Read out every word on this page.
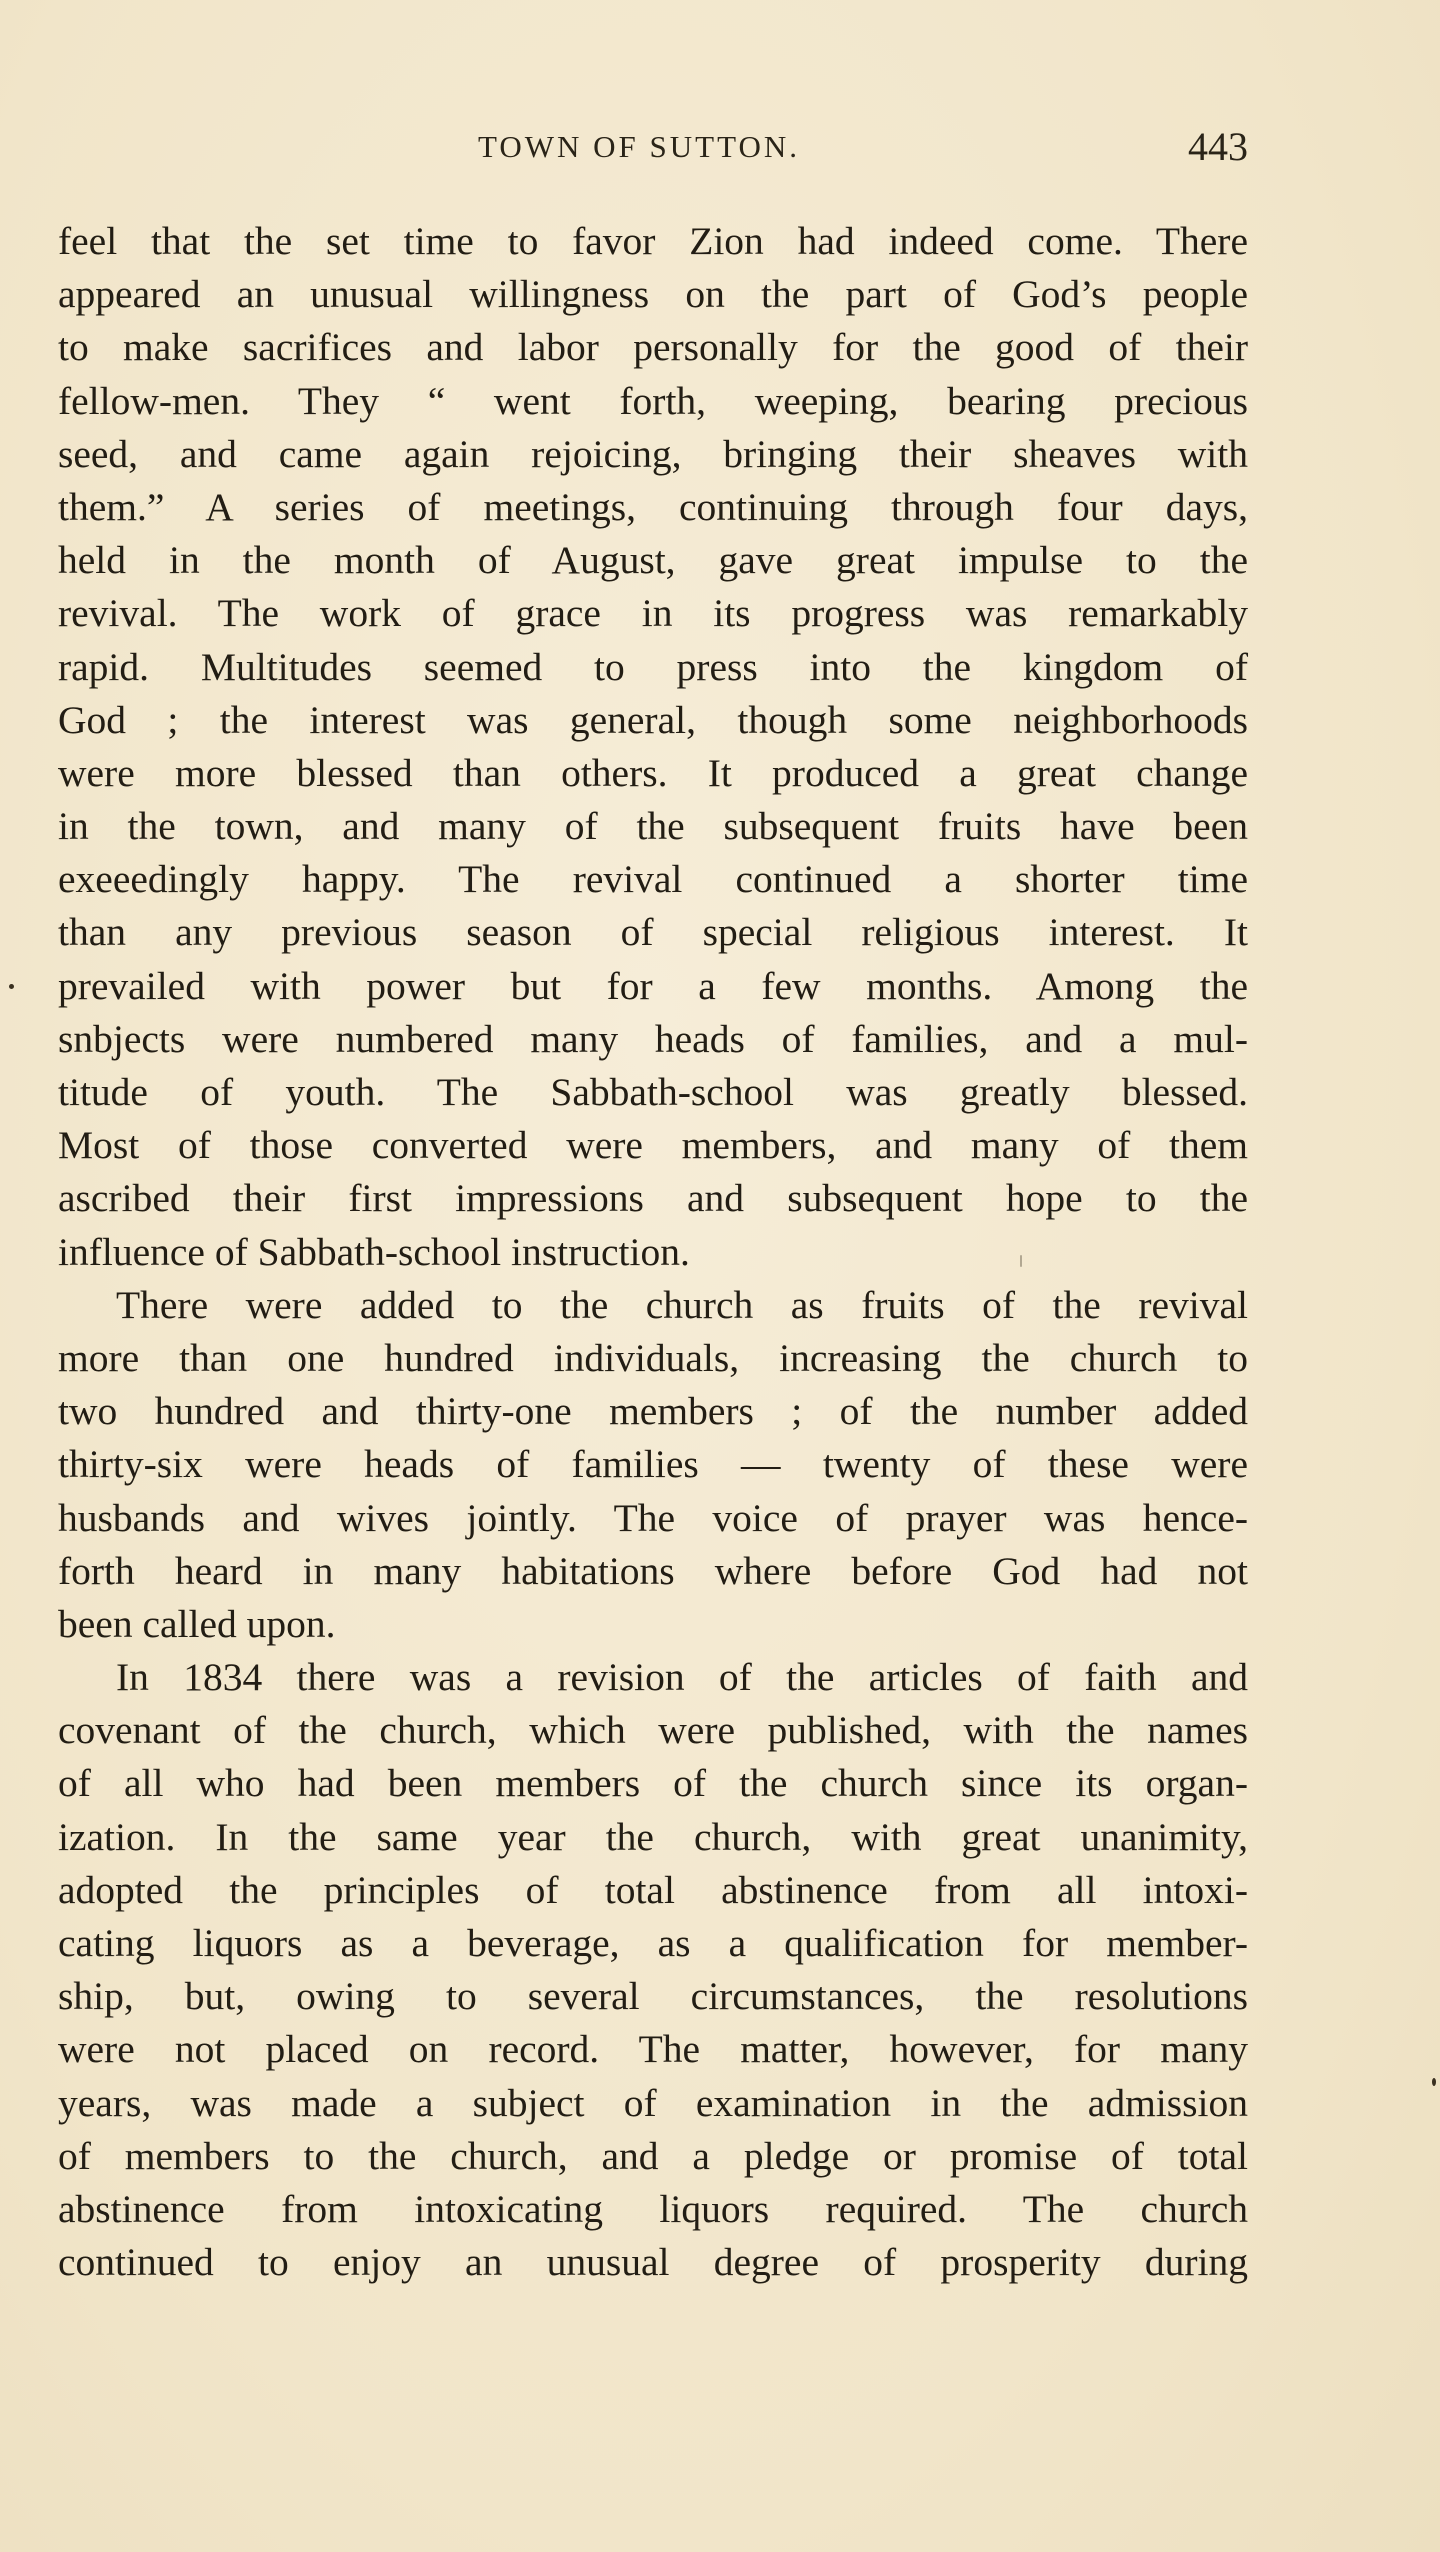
TOWN OF SUTTON.	443
feel that the set time to favor Zion had indeed come. There
appeared an unusual willingness on the part of God’s people
to make sacrifices and labor personally for the good of their
fellow-men. They “ went forth, weeping, bearing precious
seed, and came again rejoicing, bringing their sheaves with
them.” A series of meetings, continuing through four days,
held in the month of August, gave great impulse to the
revival. The work of grace in its progress was remarkably
rapid. Multitudes seemed to press into the kingdom of
God ; the interest was general, though some neighborhoods
were more blessed than others. It produced a great change
in the town, and many of the subsequent fruits have been
exeeedingly happy. The revival continued a shorter time
than any previous season of special religious interest. It
prevailed with power but for a few months. Among the
snbjects were numbered many heads of families, and a mul-
titude of youth. The Sabbath-school was greatly blessed.
Most of those converted were members, and many of them
ascribed their first impressions and subsequent hope to the
influence of Sabbath-school instruction.
There were added to the church as fruits of the revival
more than one hundred individuals, increasing the church to
two hundred and thirty-one members ; of the number added
thirty-six were heads of families — twenty of these were
husbands and wives jointly. The voice of prayer was hence-
forth heard in many habitations where before God had not
been called upon.
In 1834 there was a revision of the articles of faith and
covenant of the church, which were published, with the names
of all who had been members of the church since its organ-
ization. In the same year the church, with great unanimity,
adopted the principles of total abstinence from all intoxi-
cating liquors as a beverage, as a qualification for member-
ship, but, owing to several circumstances, the resolutions
were not placed on record. The matter, however, for many
years, was made a subject of examination in the admission
of members to the church, and a pledge or promise of total
abstinence from intoxicating liquors required. The church
continued to enjoy an unusual degree of prosperity during
